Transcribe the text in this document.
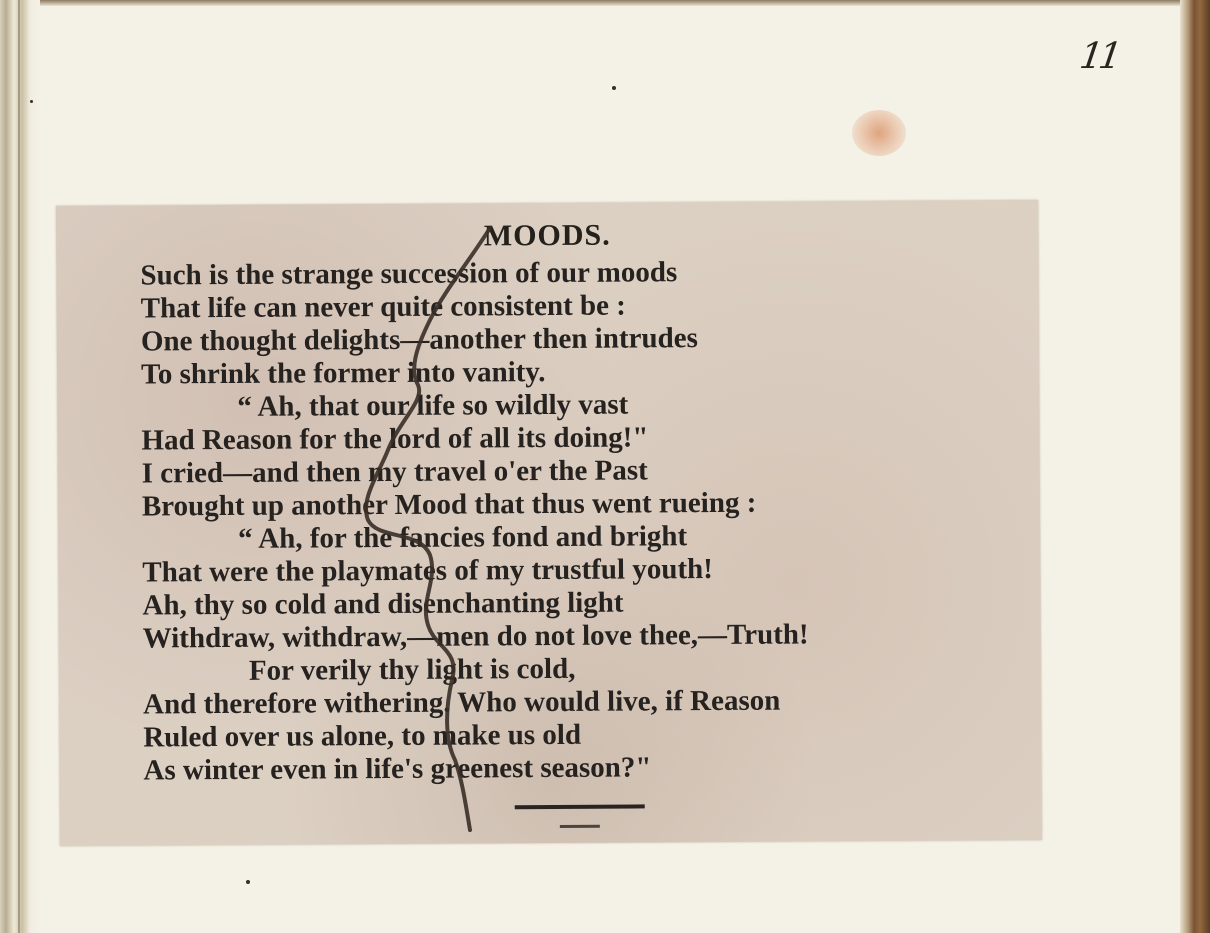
11
MOODS.
Such is the strange succession of our moods
That life can never quite consistent be :
One thought delights—another then intrudes
To shrink the former into vanity.
“ Ah, that our life so wildly vast
Had Reason for the lord of all its doing!"
I cried—and then my travel o'er the Past
Brought up another Mood that thus went rueing :
“ Ah, for the fancies fond and bright
That were the playmates of my trustful youth!
Ah, thy so cold and disenchanting light
Withdraw, withdraw,—men do not love thee,—Truth!
For verily thy light is cold,
And therefore withering. Who would live, if Reason
Ruled over us alone, to make us old
As winter even in life's greenest season?"
